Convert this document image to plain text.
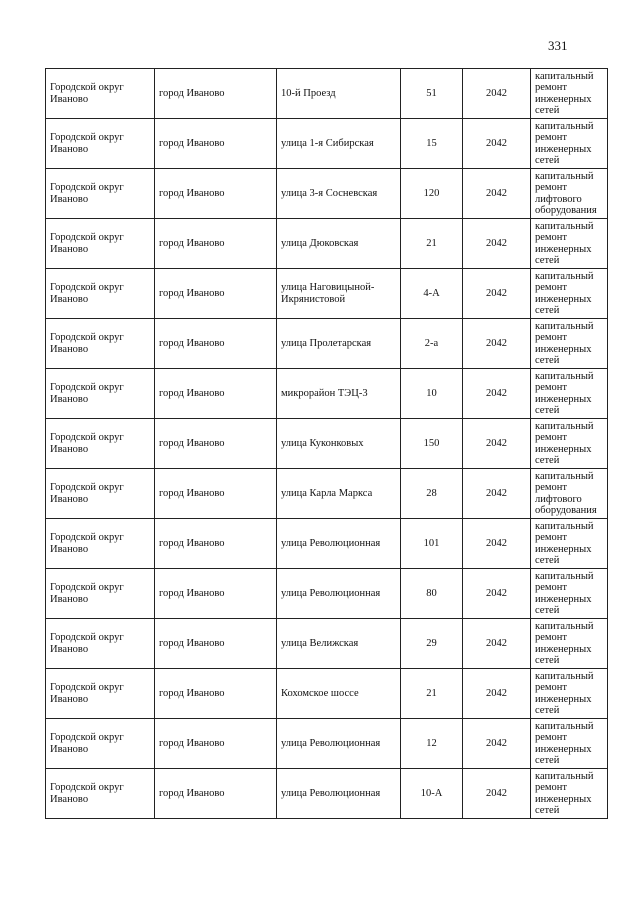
331
Городской округ Иваново	город Иваново	10-й Проезд	51	2042	капитальный ремонт инженерных сетей
Городской округ Иваново	город Иваново	улица 1-я Сибирская	15	2042	капитальный ремонт инженерных сетей
Городской округ Иваново	город Иваново	улица 3-я Сосневская	120	2042	капитальный ремонт лифтового оборудования
Городской округ Иваново	город Иваново	улица Дюковская	21	2042	капитальный ремонт инженерных сетей
Городской округ Иваново	город Иваново	улица Наговицыной-Икрянистовой	4-А	2042	капитальный ремонт инженерных сетей
Городской округ Иваново	город Иваново	улица Пролетарская	2-а	2042	капитальный ремонт инженерных сетей
Городской округ Иваново	город Иваново	микрорайон ТЭЦ-3	10	2042	капитальный ремонт инженерных сетей
Городской округ Иваново	город Иваново	улица Куконковых	150	2042	капитальный ремонт инженерных сетей
Городской округ Иваново	город Иваново	улица Карла Маркса	28	2042	капитальный ремонт лифтового оборудования
Городской округ Иваново	город Иваново	улица Революционная	101	2042	капитальный ремонт инженерных сетей
Городской округ Иваново	город Иваново	улица Революционная	80	2042	капитальный ремонт инженерных сетей
Городской округ Иваново	город Иваново	улица Велижская	29	2042	капитальный ремонт инженерных сетей
Городской округ Иваново	город Иваново	Кохомское шоссе	21	2042	капитальный ремонт инженерных сетей
Городской округ Иваново	город Иваново	улица Революционная	12	2042	капитальный ремонт инженерных сетей
Городской округ Иваново	город Иваново	улица Революционная	10-А	2042	капитальный ремонт инженерных сетей
